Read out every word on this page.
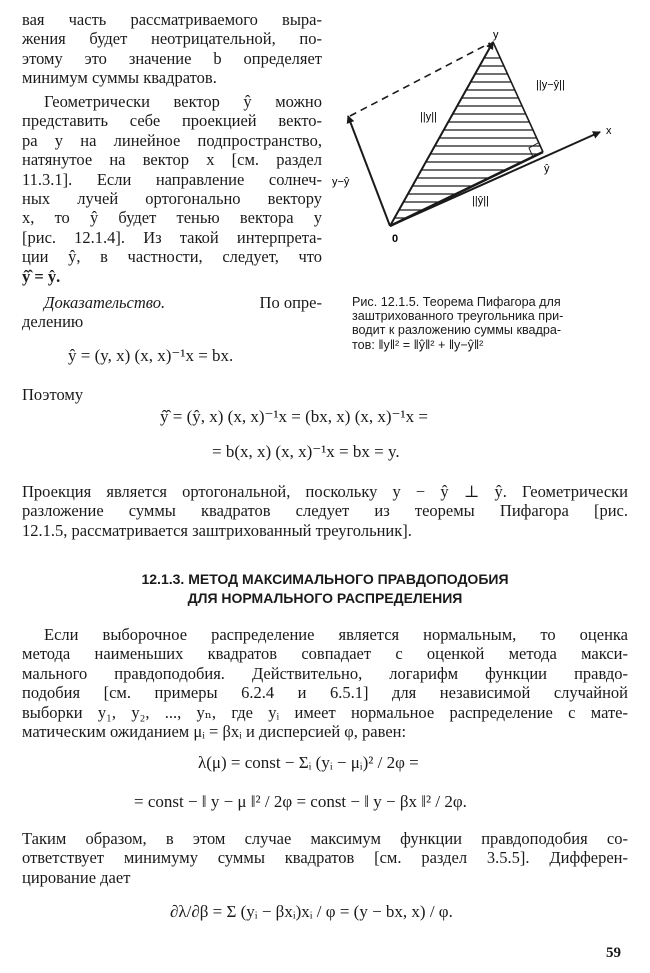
вая часть рассматриваемого выра-
жения будет неотрицательной, по-
этому это значение b определяет
минимум суммы квадратов.
Геометрически вектор ŷ можно
представить себе проекцией векто-
ра y на линейное подпространство,
натянутое на вектор x [см. раздел
11.3.1]. Если направление солнеч-
ных лучей ортогонально вектору
x, то ŷ будет тенью вектора y
[рис. 12.1.4]. Из такой интерпрета-
ции ŷ, в частности, следует, что
ŷ̂ = ŷ.
Доказательство.	По опре-
делению
ŷ = (y, x) (x, x)⁻¹x = bx.
Поэтому
ŷ̂ = (ŷ, x) (x, x)⁻¹x = (bx, x) (x, x)⁻¹x =
= b(x, x) (x, x)⁻¹x = bx = y.
y
x
||y||
||y−ŷ||
||ŷ||
ŷ
y−ŷ
0
Рис. 12.1.5. Теорема Пифагора для
заштрихованного треугольника при-
водит к разложению суммы квадра-
тов: ‖y‖² = ‖ŷ‖² + ‖y−ŷ‖²
Проекция является ортогональной, поскольку y − ŷ ⊥ ŷ. Геометрически
разложение суммы квадратов следует из теоремы Пифагора [рис.
12.1.5, рассматривается заштрихованный треугольник].
12.1.3. МЕТОД МАКСИМАЛЬНОГО ПРАВДОПОДОБИЯ
ДЛЯ НОРМАЛЬНОГО РАСПРЕДЕЛЕНИЯ
Если выборочное распределение является нормальным, то оценка
метода наименьших квадратов совпадает с оценкой метода макси-
мального правдоподобия. Действительно, логарифм функции правдо-
подобия [см. примеры 6.2.4 и 6.5.1] для независимой случайной
выборки y₁, y₂, ..., yₙ, где yᵢ имеет нормальное распределение с мате-
матическим ожиданием μᵢ = βxᵢ и дисперсией φ, равен:
λ(μ) = const − Σᵢ (yᵢ − μᵢ)² / 2φ =
= const − ‖ y − μ ‖² / 2φ = const − ‖ y − βx ‖² / 2φ.
Таким образом, в этом случае максимум функции правдоподобия со-
ответствует минимуму суммы квадратов [см. раздел 3.5.5]. Дифферен-
цирование дает
∂λ/∂β = Σ (yᵢ − βxᵢ)xᵢ / φ = (y − bx, x) / φ.
59
